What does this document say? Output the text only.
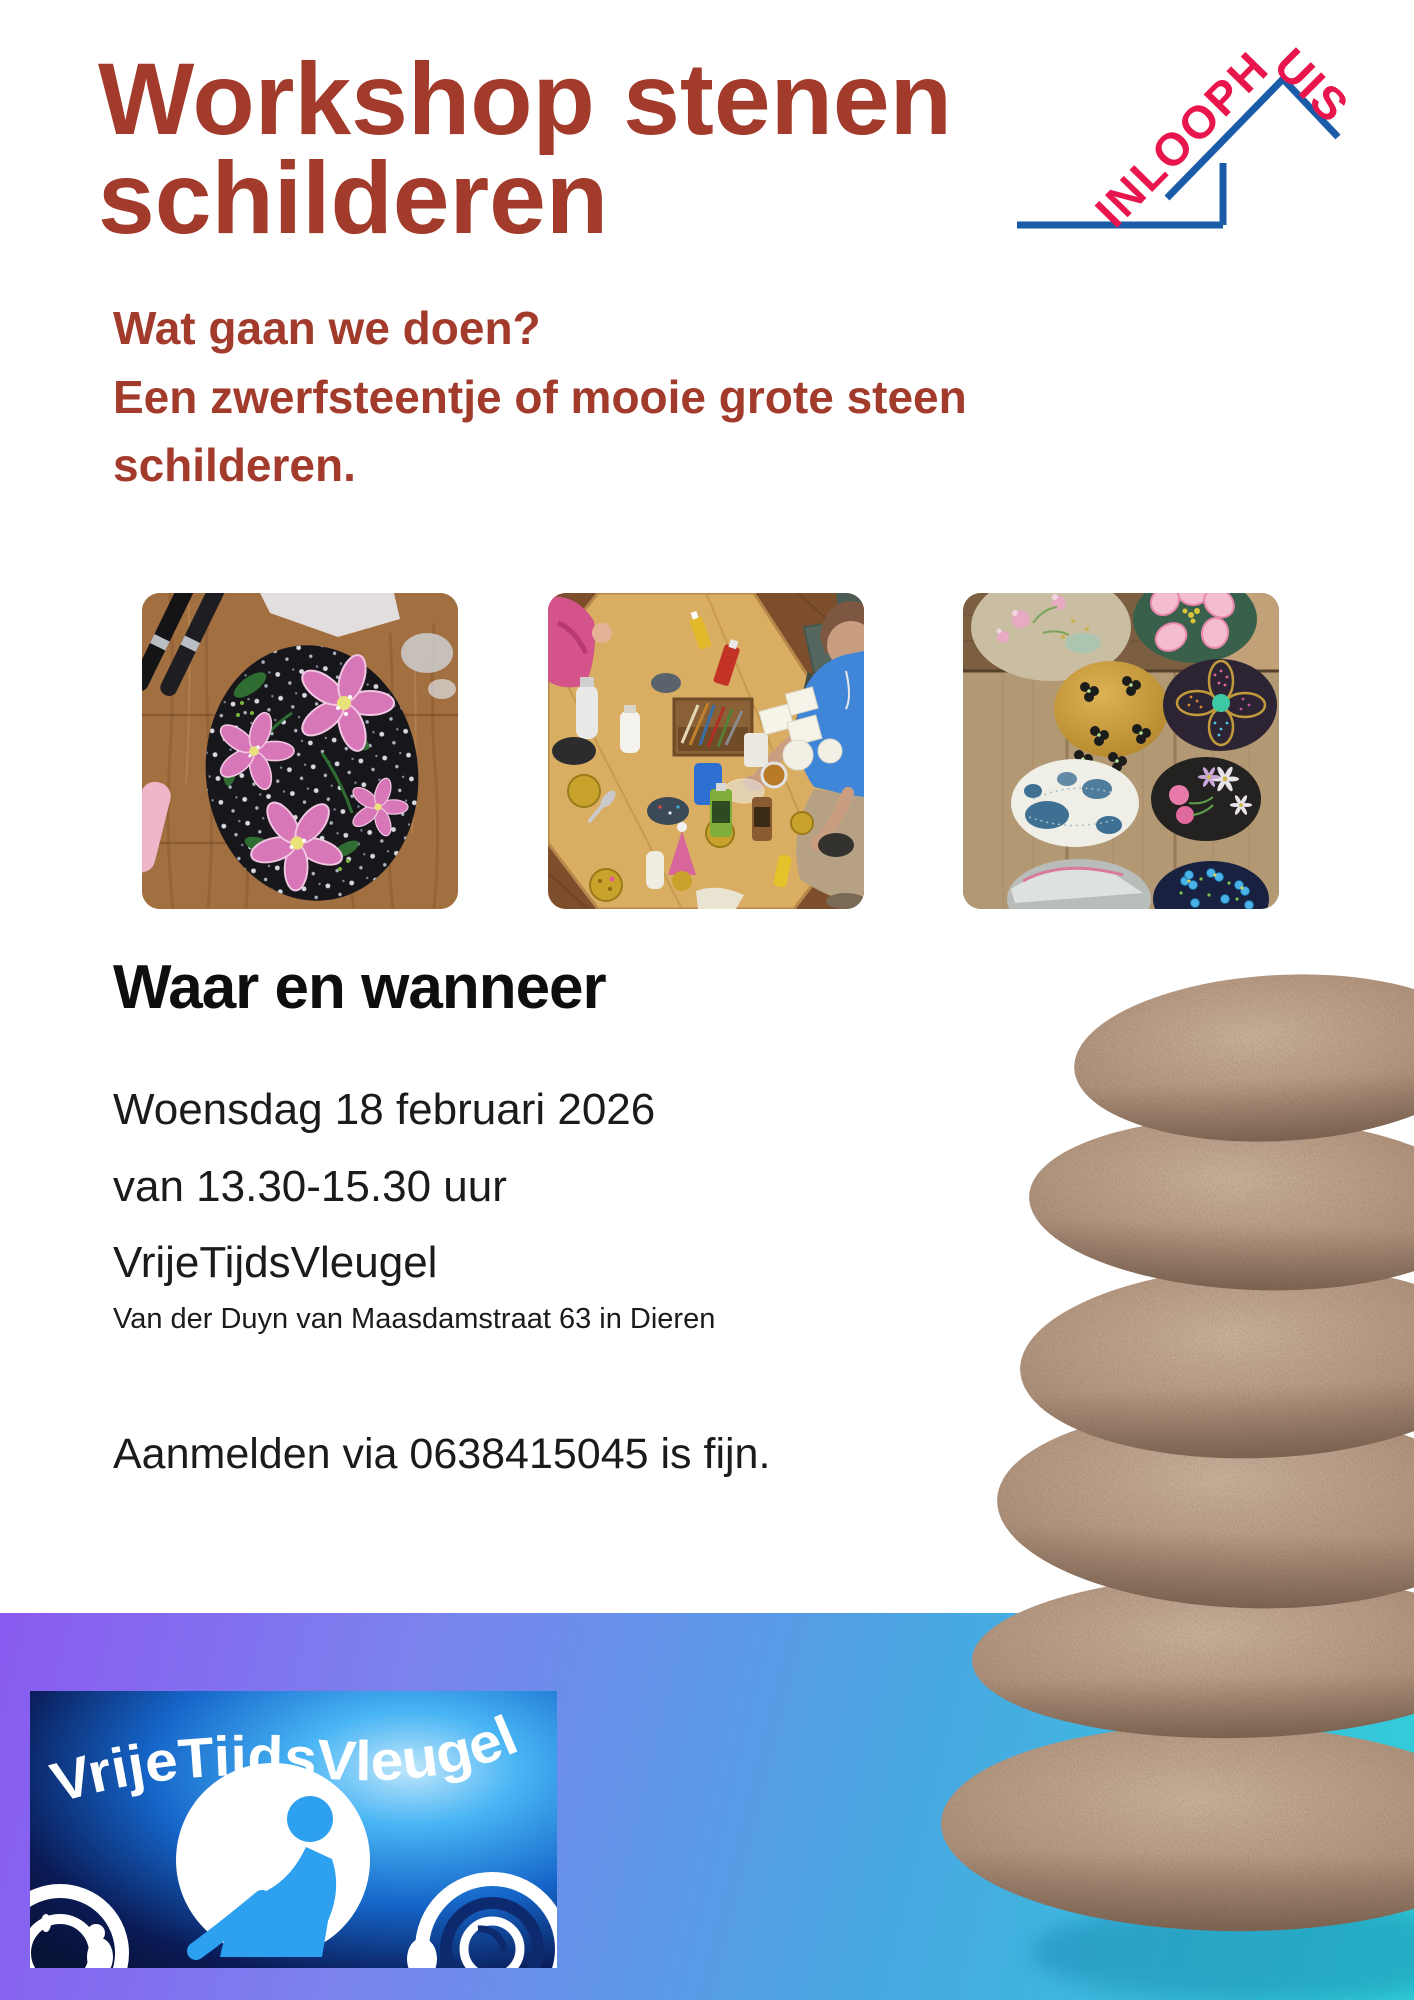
Workshop stenen
schilderen	INLOOPHUIS

Wat gaan we doen?

Een zwerfsteentje of mooie grote steen

schilderen.

Waar en wanneer

Woensdag 18 februari 2026

van 13.30-15.30 uur

VrijeTijdsVleugel

Van der Duyn van Maasdamstraat 63 in Dieren
Aanmelden via 0638415045 is fijn.
VrijeTijdsVleugel
